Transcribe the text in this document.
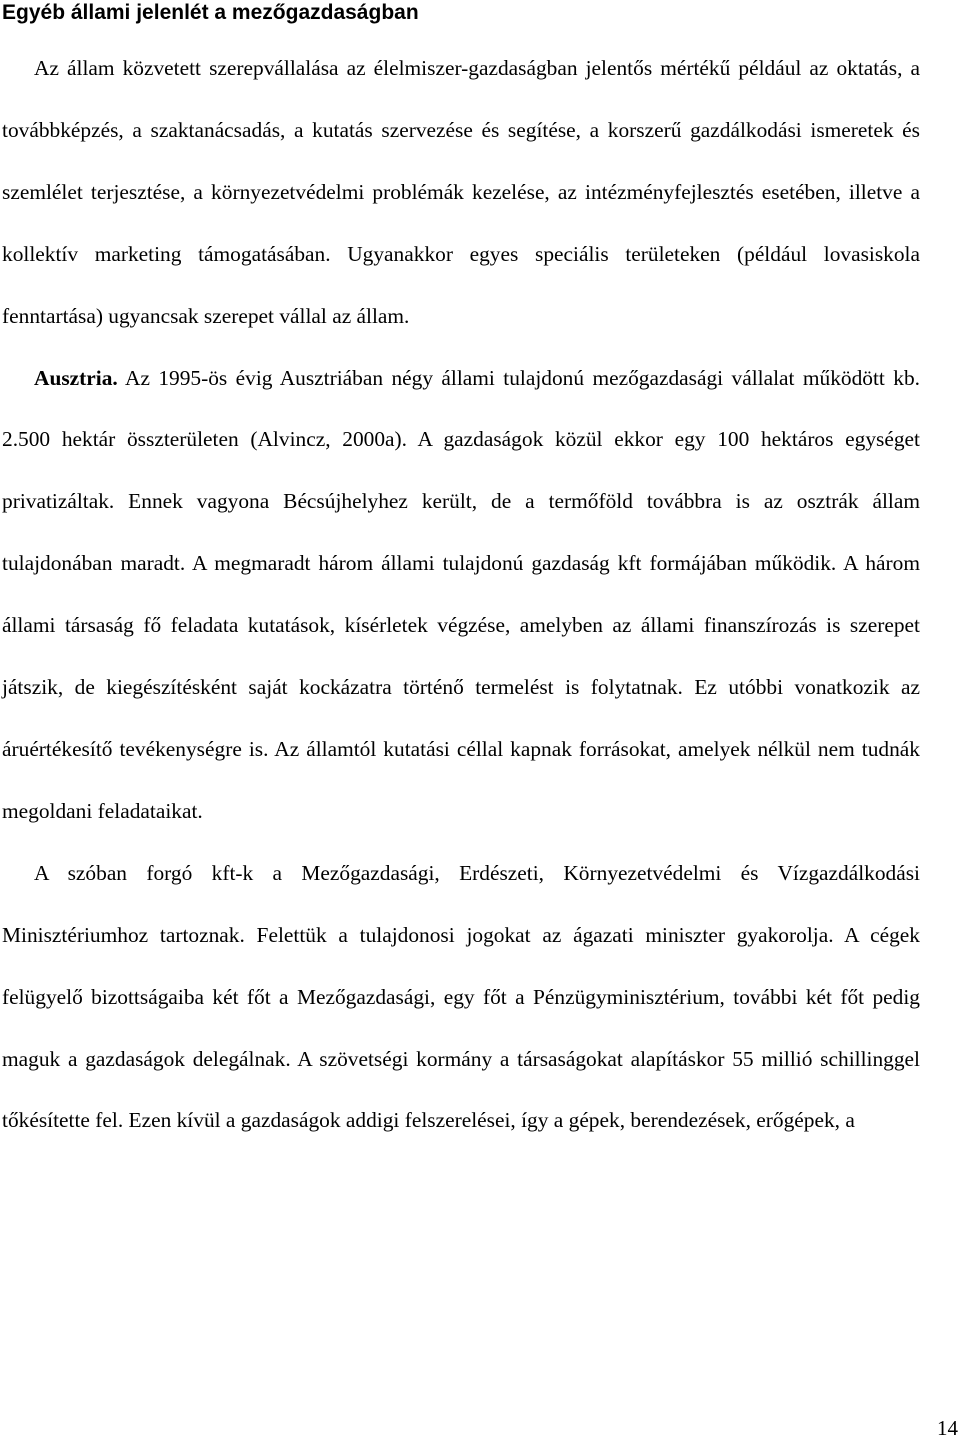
Egyéb állami jelenlét a mezőgazdaságban

Az állam közvetett szerepvállalása az élelmiszer-gazdaságban jelentős mértékű például az oktatás, a továbbképzés, a szaktanácsadás, a kutatás szervezése és segítése, a korszerű gazdálkodási ismeretek és szemlélet terjesztése, a környezetvédelmi problémák kezelése, az intézményfejlesztés esetében, illetve a kollektív marketing támogatásában. Ugyanakkor egyes speciális területeken (például lovasiskola fenntartása) ugyancsak szerepet vállal az állam.

Ausztria. Az 1995-ös évig Ausztriában négy állami tulajdonú mezőgazdasági vállalat működött kb. 2.500 hektár összterületen (Alvincz, 2000a). A gazdaságok közül ekkor egy 100 hektáros egységet privatizáltak. Ennek vagyona Bécsújhelyhez került, de a termőföld továbbra is az osztrák állam tulajdonában maradt. A megmaradt három állami tulajdonú gazdaság kft formájában működik. A három állami társaság fő feladata kutatások, kísérletek végzése, amelyben az állami finanszírozás is szerepet játszik, de kiegészítésként saját kockázatra történő termelést is folytatnak. Ez utóbbi vonatkozik az áruértékesítő tevékenységre is. Az államtól kutatási céllal kapnak forrásokat, amelyek nélkül nem tudnák megoldani feladataikat.

A szóban forgó kft-k a Mezőgazdasági, Erdészeti, Környezetvédelmi és Vízgazdálkodási Minisztériumhoz tartoznak. Felettük a tulajdonosi jogokat az ágazati miniszter gyakorolja. A cégek felügyelő bizottságaiba két főt a Mezőgazdasági, egy főt a Pénzügyminisztérium, további két főt pedig maguk a gazdaságok delegálnak. A szövetségi kormány a társaságokat alapításkor 55 millió schillinggel tőkésítette fel. Ezen kívül a gazdaságok addigi felszerelései, így a gépek, berendezések, erőgépek, a

14
